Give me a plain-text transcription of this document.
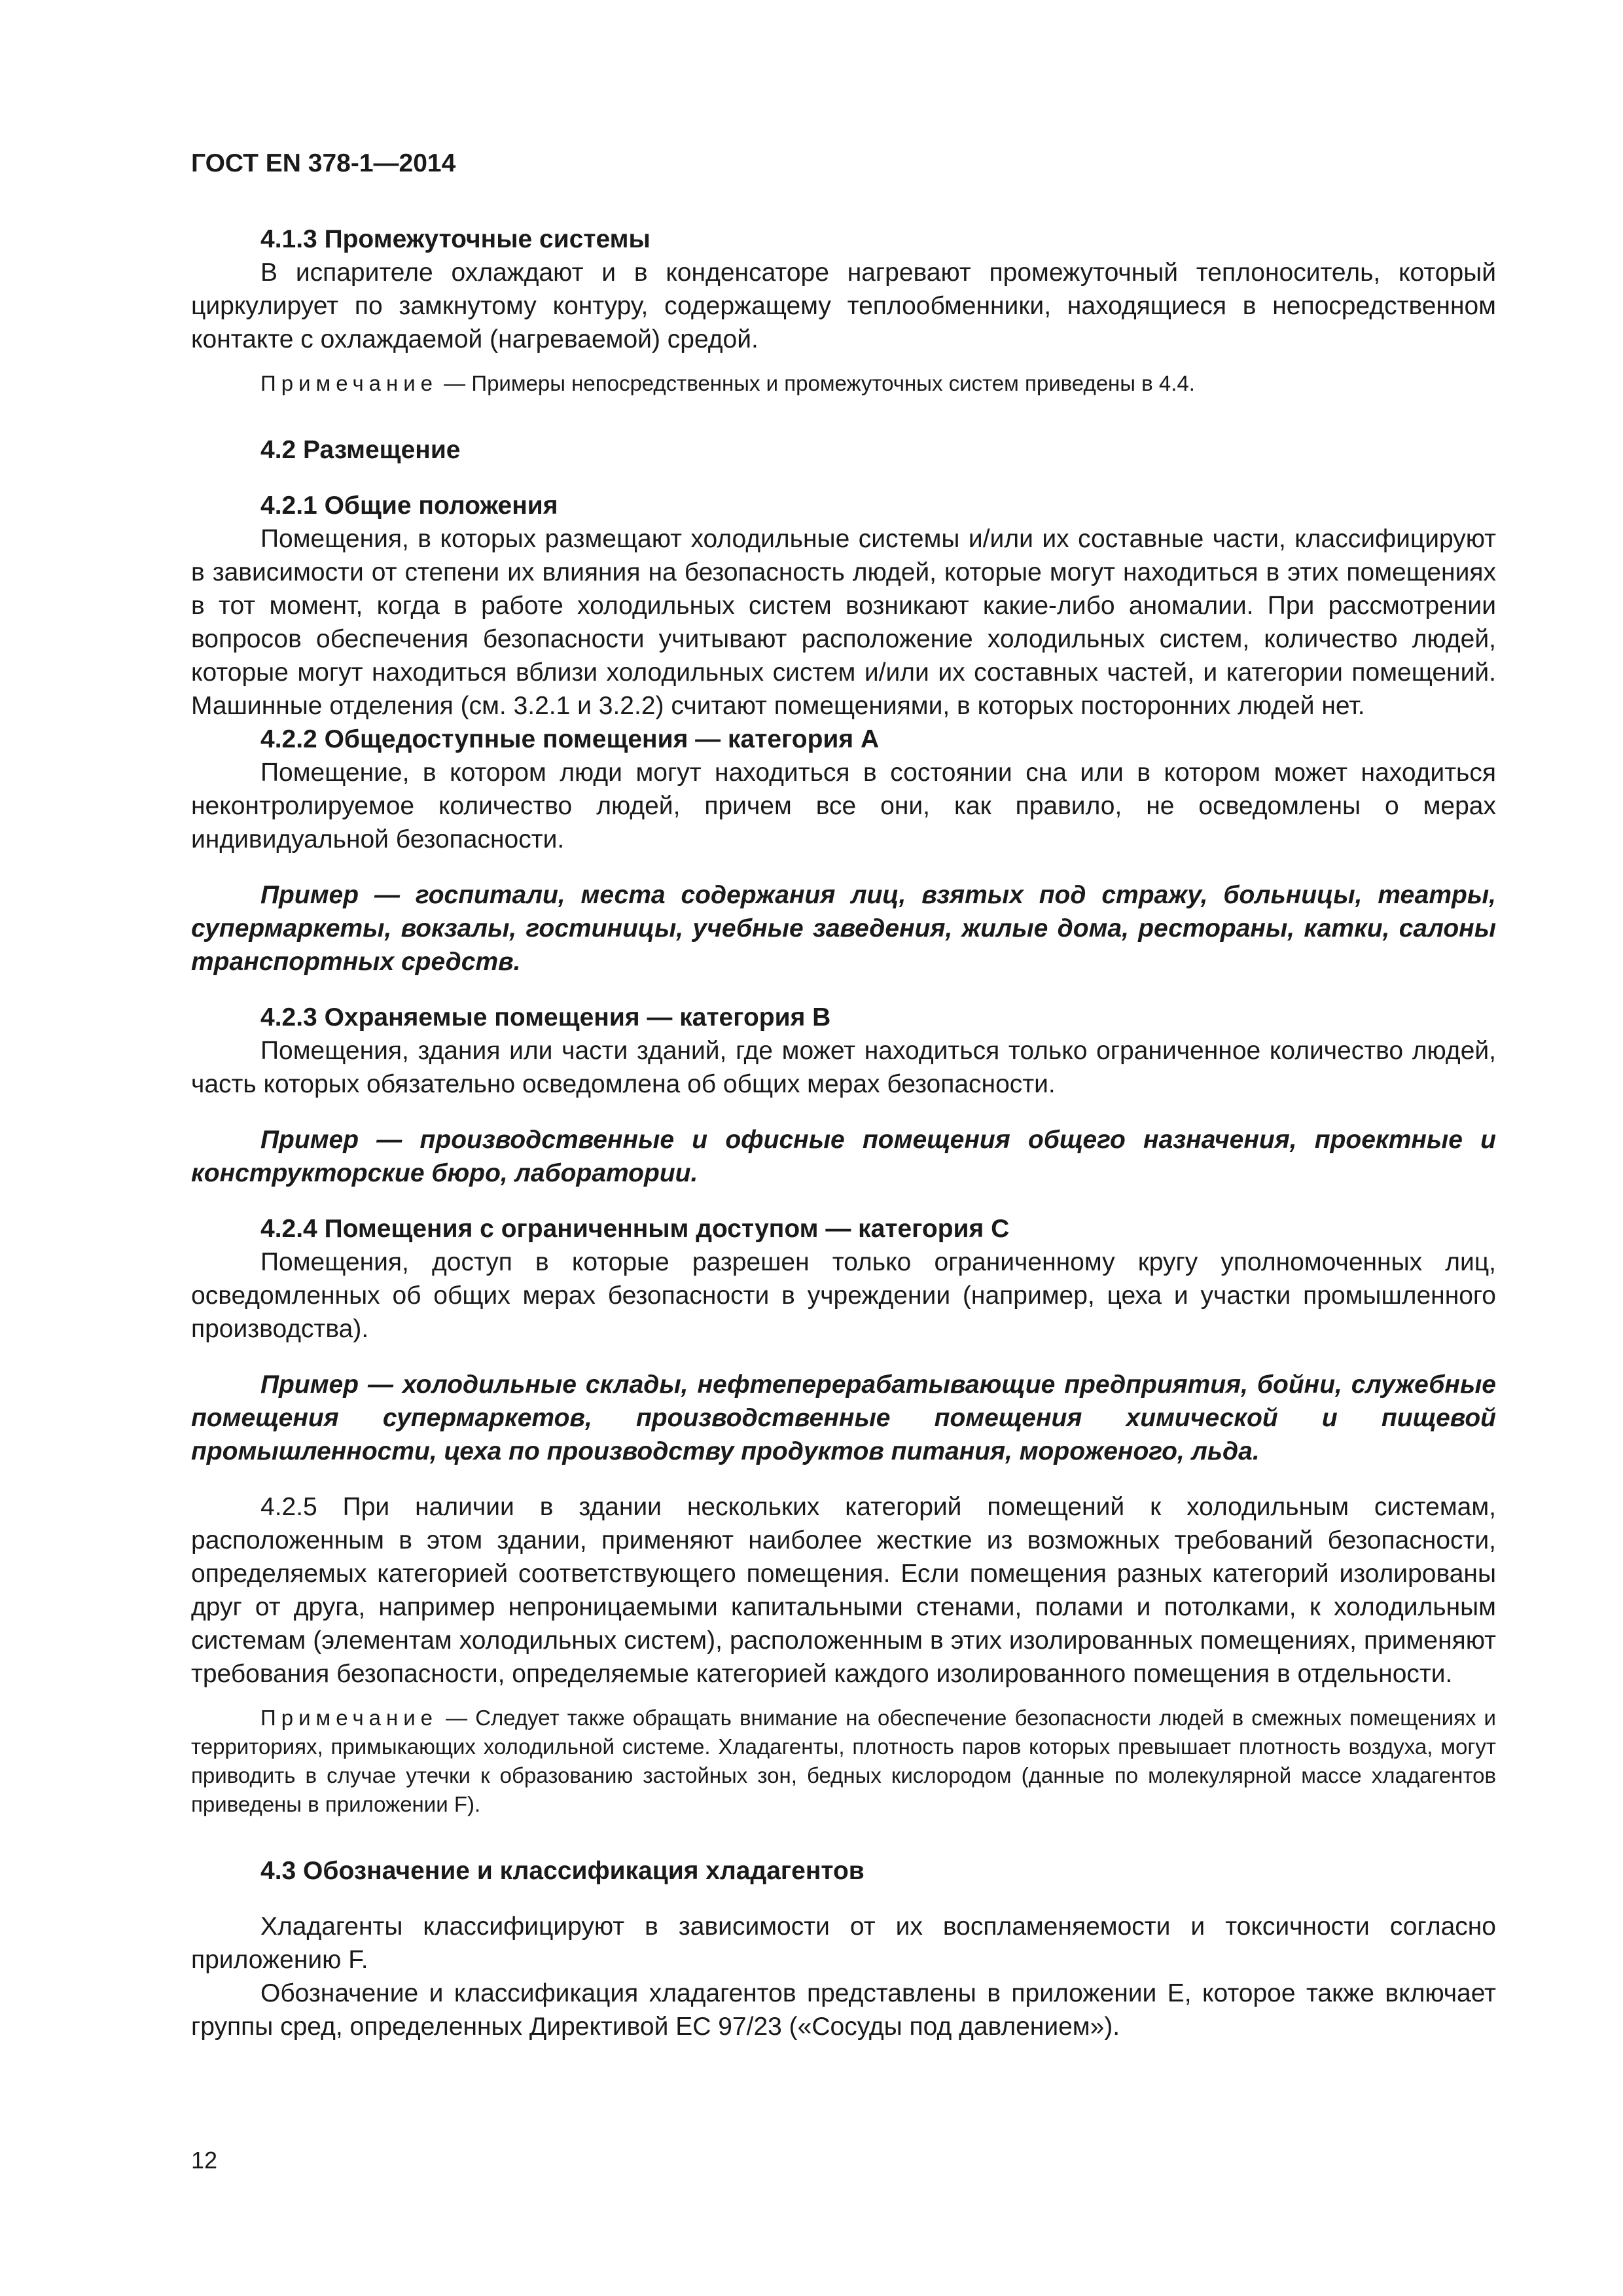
ГОСТ EN 378-1—2014

4.1.3 Промежуточные системы

В испарителе охлаждают и в конденсаторе нагревают промежуточный теплоноситель, который циркулирует по замкнутому контуру, содержащему теплообменники, находящиеся в непосредственном контакте с охлаждаемой (нагреваемой) средой.

Примечание — Примеры непосредственных и промежуточных систем приведены в 4.4.

4.2 Размещение

4.2.1 Общие положения

Помещения, в которых размещают холодильные системы и/или их составные части, классифицируют в зависимости от степени их влияния на безопасность людей, которые могут находиться в этих помещениях в тот момент, когда в работе холодильных систем возникают какие-либо аномалии. При рассмотрении вопросов обеспечения безопасности учитывают расположение холодильных систем, количество людей, которые могут находиться вблизи холодильных систем и/или их составных частей, и категории помещений. Машинные отделения (см. 3.2.1 и 3.2.2) считают помещениями, в которых посторонних людей нет.

4.2.2 Общедоступные помещения — категория A

Помещение, в котором люди могут находиться в состоянии сна или в котором может находиться неконтролируемое количество людей, причем все они, как правило, не осведомлены о мерах индивидуальной безопасности.

Пример — госпитали, места содержания лиц, взятых под стражу, больницы, театры, супермаркеты, вокзалы, гостиницы, учебные заведения, жилые дома, рестораны, катки, салоны транспортных средств.

4.2.3 Охраняемые помещения — категория B

Помещения, здания или части зданий, где может находиться только ограниченное количество людей, часть которых обязательно осведомлена об общих мерах безопасности.

Пример — производственные и офисные помещения общего назначения, проектные и конструкторские бюро, лаборатории.

4.2.4 Помещения с ограниченным доступом — категория C

Помещения, доступ в которые разрешен только ограниченному кругу уполномоченных лиц, осведомленных об общих мерах безопасности в учреждении (например, цеха и участки промышленного производства).

Пример — холодильные склады, нефтеперерабатывающие предприятия, бойни, служебные помещения супермаркетов, производственные помещения химической и пищевой промышленности, цеха по производству продуктов питания, мороженого, льда.

4.2.5 При наличии в здании нескольких категорий помещений к холодильным системам, расположенным в этом здании, применяют наиболее жесткие из возможных требований безопасности, определяемых категорией соответствующего помещения. Если помещения разных категорий изолированы друг от друга, например непроницаемыми капитальными стенами, полами и потолками, к холодильным системам (элементам холодильных систем), расположенным в этих изолированных помещениях, применяют требования безопасности, определяемые категорией каждого изолированного помещения в отдельности.

Примечание — Следует также обращать внимание на обеспечение безопасности людей в смежных помещениях и территориях, примыкающих холодильной системе. Хладагенты, плотность паров которых превышает плотность воздуха, могут приводить в случае утечки к образованию застойных зон, бедных кислородом (данные по молекулярной массе хладагентов приведены в приложении F).

4.3 Обозначение и классификация хладагентов

Хладагенты классифицируют в зависимости от их воспламеняемости и токсичности согласно приложению F.

Обозначение и классификация хладагентов представлены в приложении E, которое также включает группы сред, определенных Директивой ЕС 97/23 («Сосуды под давлением»).

12
